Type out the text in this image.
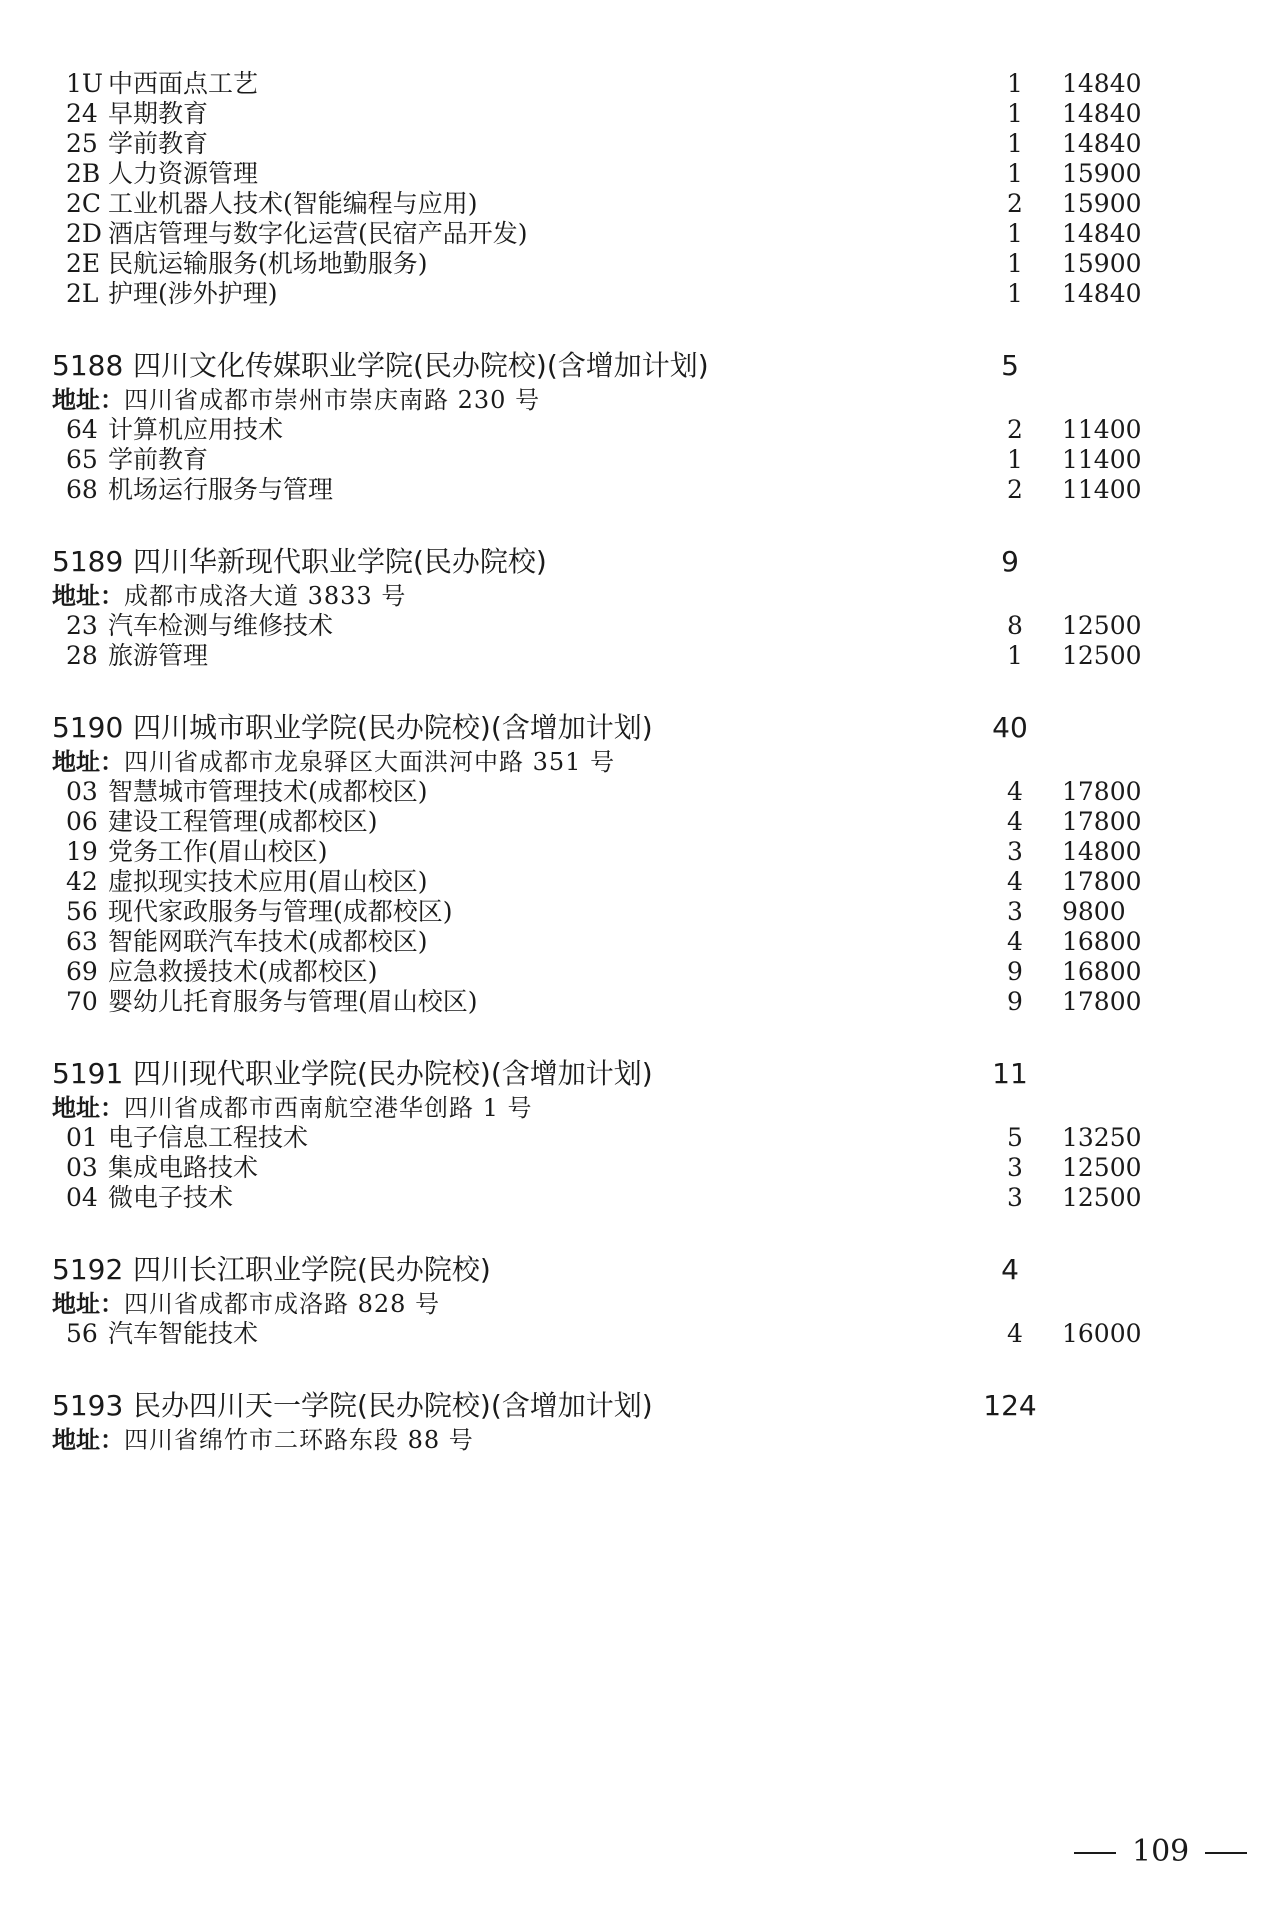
1U 中西面点工艺	1 14840
24 早期教育	1 14840
25 学前教育	1 14840
2B 人力资源管理	1 15900
2C 工业机器人技术(智能编程与应用)	2 15900
2D 酒店管理与数字化运营(民宿产品开发)	1 14840
2E 民航运输服务(机场地勤服务)	1 15900
2L 护理(涉外护理)	1 14840
5188 四川文化传媒职业学院(民办院校)(含增加计划)	5
地址：四川省成都市崇州市崇庆南路 230 号
64 计算机应用技术	2 11400
65 学前教育	1 11400
68 机场运行服务与管理	2 11400
5189 四川华新现代职业学院(民办院校)	9
地址：成都市成洛大道 3833 号
23 汽车检测与维修技术	8 12500
28 旅游管理	1 12500
5190 四川城市职业学院(民办院校)(含增加计划)	40
地址：四川省成都市龙泉驿区大面洪河中路 351 号
03 智慧城市管理技术(成都校区)	4 17800
06 建设工程管理(成都校区)	4 17800
19 党务工作(眉山校区)	3 14800
42 虚拟现实技术应用(眉山校区)	4 17800
56 现代家政服务与管理(成都校区)	3 9800
63 智能网联汽车技术(成都校区)	4 16800
69 应急救援技术(成都校区)	9 16800
70 婴幼儿托育服务与管理(眉山校区)	9 17800
5191 四川现代职业学院(民办院校)(含增加计划)	11
地址：四川省成都市西南航空港华创路 1 号
01 电子信息工程技术	5 13250
03 集成电路技术	3 12500
04 微电子技术	3 12500
5192 四川长江职业学院(民办院校)	4
地址：四川省成都市成洛路 828 号
56 汽车智能技术	4 16000
5193 民办四川天一学院(民办院校)(含增加计划)	124
地址：四川省绵竹市二环路东段 88 号
109
